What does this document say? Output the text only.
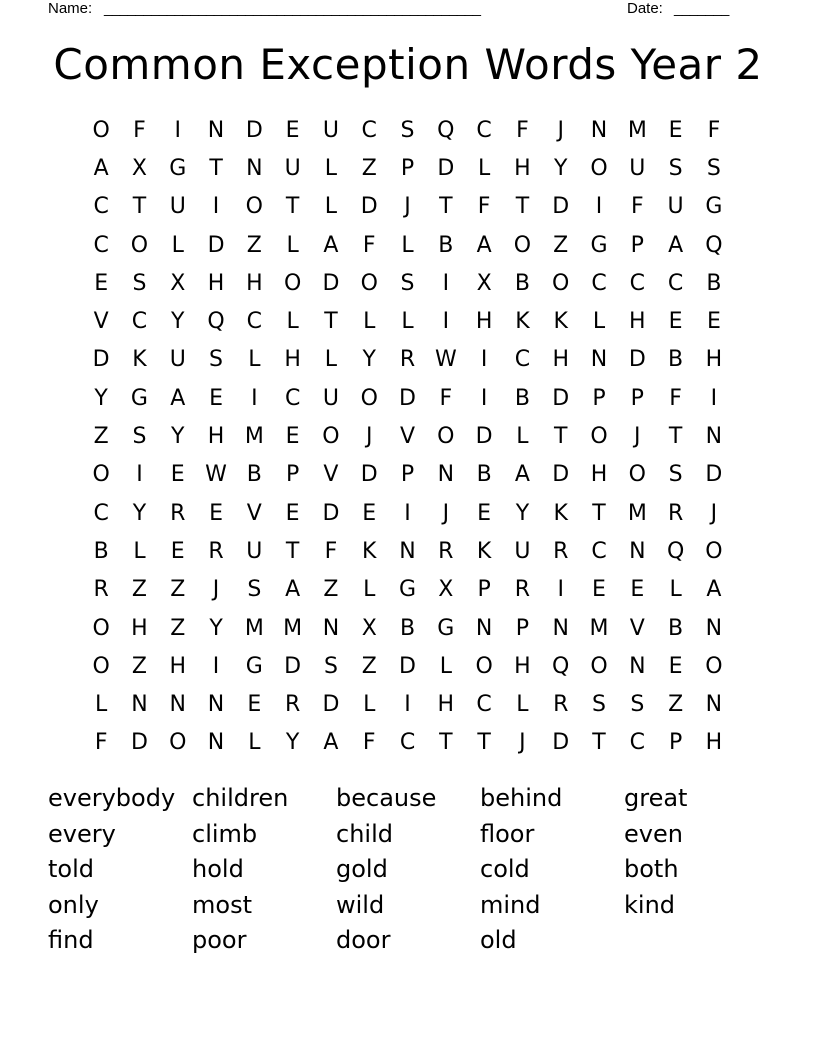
Name: ________________________________________________	Date: _______
Common Exception Words Year 2
O	F	I	N D	E	U	C	S	Q C	F	J	N M E	F
A	X	G	T	N	U	L	Z	P	D	L	H	Y	O U	S	S
C	T	U	I	O	T	L	D	J	T	F	T	D	I	F	U G
C O	L	D	Z	L	A	F	L	B	A	O	Z	G	P	A	Q
E	S	X	H H O D O	S	I	X	B	O C	C	C	B
V	C	Y	Q C	L	T	L	L	I	H	K	K	L	H	E	E
D	K	U	S	L	H	L	Y	R W	I	C	H N D	B	H
Y	G	A	E	I	C	U O D	F	I	B	D	P	P	F	I
Z	S	Y	H M E	O	J	V	O D	L	T	O	J	T	N
O	I	E W B	P	V	D	P	N	B	A	D H O	S	D
C	Y	R	E	V	E	D	E	I	J	E	Y	K	T	M R	J
B	L	E	R	U	T	F	K	N	R	K	U	R	C	N Q O
R	Z	Z	J	S	A	Z	L	G	X	P	R	I	E	E	L	A
O H	Z	Y	M M N	X	B	G N	P	N M V	B	N
O	Z	H	I	G D	S	Z	D	L	O H Q O N	E	O
L	N N N	E	R	D	L	I	H	C	L	R	S	S	Z	N
F	D O N	L	Y	A	F	C	T	T	J	D	T	C	P	H
everybody children	because	behind	great
every	climb	child	floor	even
told	hold	gold	cold	both
only	most	wild	mind	kind
find	poor	door	old
